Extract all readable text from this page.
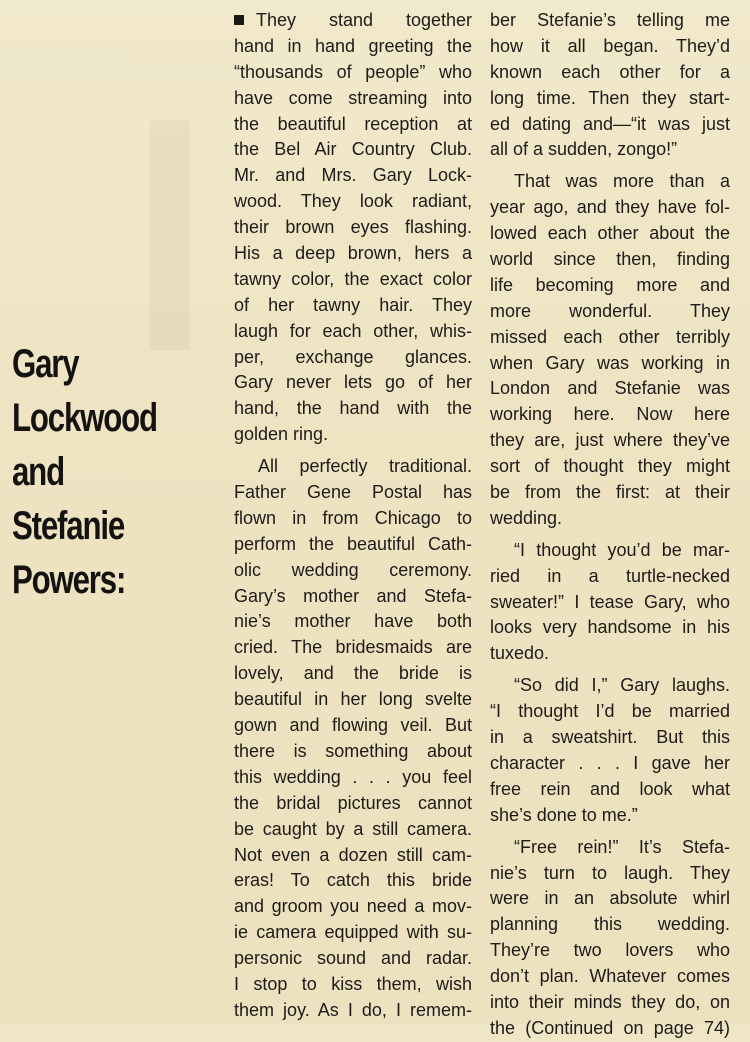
Gary
Lockwood
and
Stefanie
Powers:
They stand together
hand in hand greeting the
“thousands of people” who
have come streaming into
the beautiful reception at
the Bel Air Country Club.
Mr. and Mrs. Gary Lock-
wood. They look radiant,
their brown eyes flashing.
His a deep brown, hers a
tawny color, the exact color
of her tawny hair. They
laugh for each other, whis-
per, exchange glances.
Gary never lets go of her
hand, the hand with the
golden ring.
All perfectly traditional.
Father Gene Postal has
flown in from Chicago to
perform the beautiful Cath-
olic wedding ceremony.
Gary’s mother and Stefa-
nie’s mother have both
cried. The bridesmaids are
lovely, and the bride is
beautiful in her long svelte
gown and flowing veil. But
there is something about
this wedding . . . you feel
the bridal pictures cannot
be caught by a still camera.
Not even a dozen still cam-
eras! To catch this bride
and groom you need a mov-
ie camera equipped with su-
personic sound and radar.
I stop to kiss them, wish
them joy. As I do, I remem-
ber Stefanie’s telling me
how it all began. They’d
known each other for a
long time. Then they start-
ed dating and—“it was just
all of a sudden, zongo!”
That was more than a
year ago, and they have fol-
lowed each other about the
world since then, finding
life becoming more and
more wonderful. They
missed each other terribly
when Gary was working in
London and Stefanie was
working here. Now here
they are, just where they’ve
sort of thought they might
be from the first: at their
wedding.
“I thought you’d be mar-
ried in a turtle-necked
sweater!” I tease Gary, who
looks very handsome in his
tuxedo.
“So did I,” Gary laughs.
“I thought I’d be married
in a sweatshirt. But this
character . . . I gave her
free rein and look what
she’s done to me.”
“Free rein!” It’s Stefa-
nie’s turn to laugh. They
were in an absolute whirl
planning this wedding.
They’re two lovers who
don’t plan. Whatever comes
into their minds they do, on
the (Continued on page 74)
